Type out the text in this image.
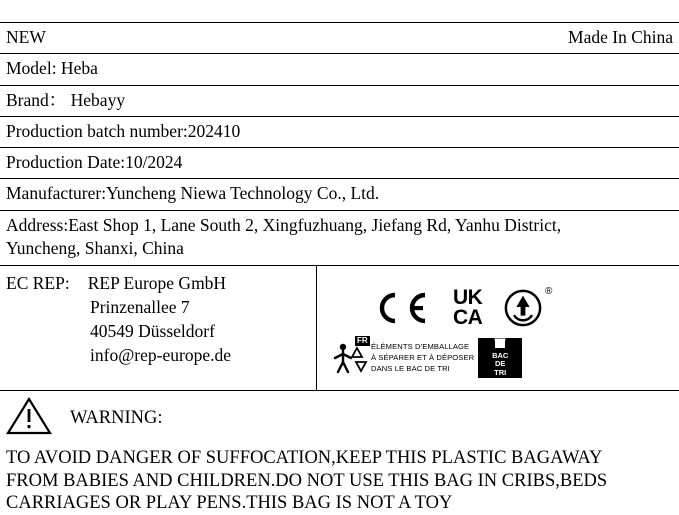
NEW	Made In China
Model: Heba
Brand： Hebayy
Production batch number:202410
Production Date:10/2024
Manufacturer:Yuncheng Niewa Technology Co., Ltd.
Address:East Shop 1, Lane South 2, Xingfuzhuang, Jiefang Rd, Yanhu District,
Yuncheng, Shanxi, China
EC REP:	REP Europe GmbH
Prinzenallee 7
40549 Düsseldorf
info@rep-europe.de
UK
CA
®
FR
ÉLÉMENTS D’EMBALLAGE
À SÉPARER ET À DÉPOSER
DANS LE BAC DE TRI
BAC
DE
TRI
WARNING:
TO AVOID DANGER OF SUFFOCATION,KEEP THIS PLASTIC BAGAWAY
FROM BABIES AND CHILDREN.DO NOT USE THIS BAG IN CRIBS,BEDS
CARRIAGES OR PLAY PENS.THIS BAG IS NOT A TOY
